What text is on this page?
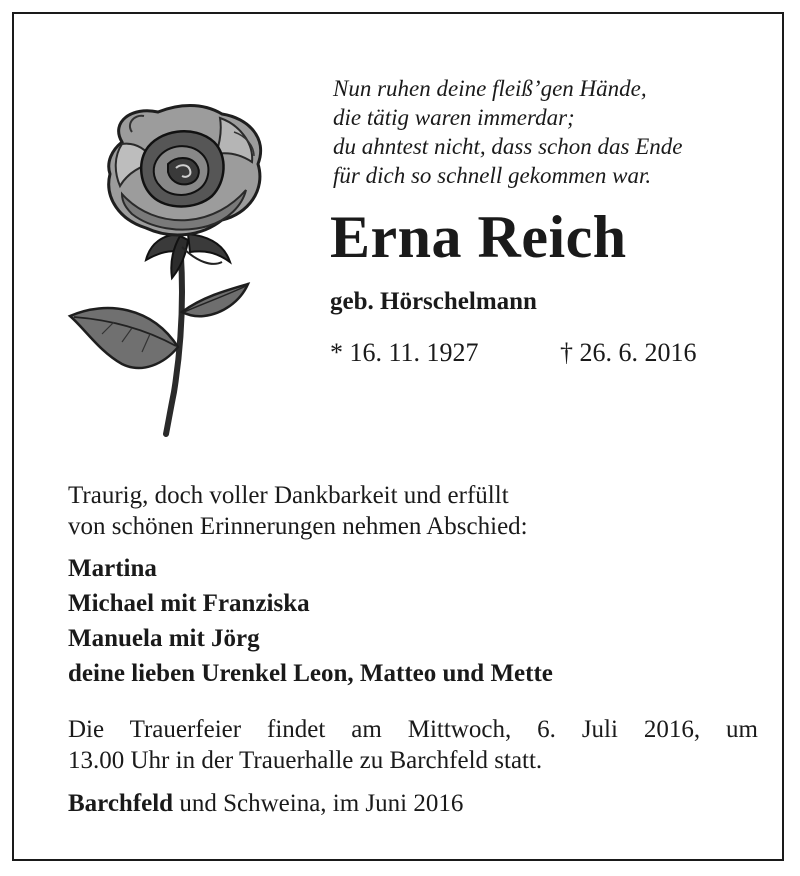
Nun ruhen deine fleiß’gen Hände,
die tätig waren immerdar;
du ahntest nicht, dass schon das Ende
für dich so schnell gekommen war.
Erna Reich
geb. Hörschelmann
* 16. 11. 1927	† 26. 6. 2016
Traurig, doch voller Dankbarkeit und erfüllt
von schönen Erinnerungen nehmen Abschied:
Martina
Michael mit Franziska
Manuela mit Jörg
deine lieben Urenkel Leon, Matteo und Mette
Die Trauerfeier findet am Mittwoch, 6. Juli 2016, um
13.00 Uhr in der Trauerhalle zu Barchfeld statt.
Barchfeld und Schweina, im Juni 2016
